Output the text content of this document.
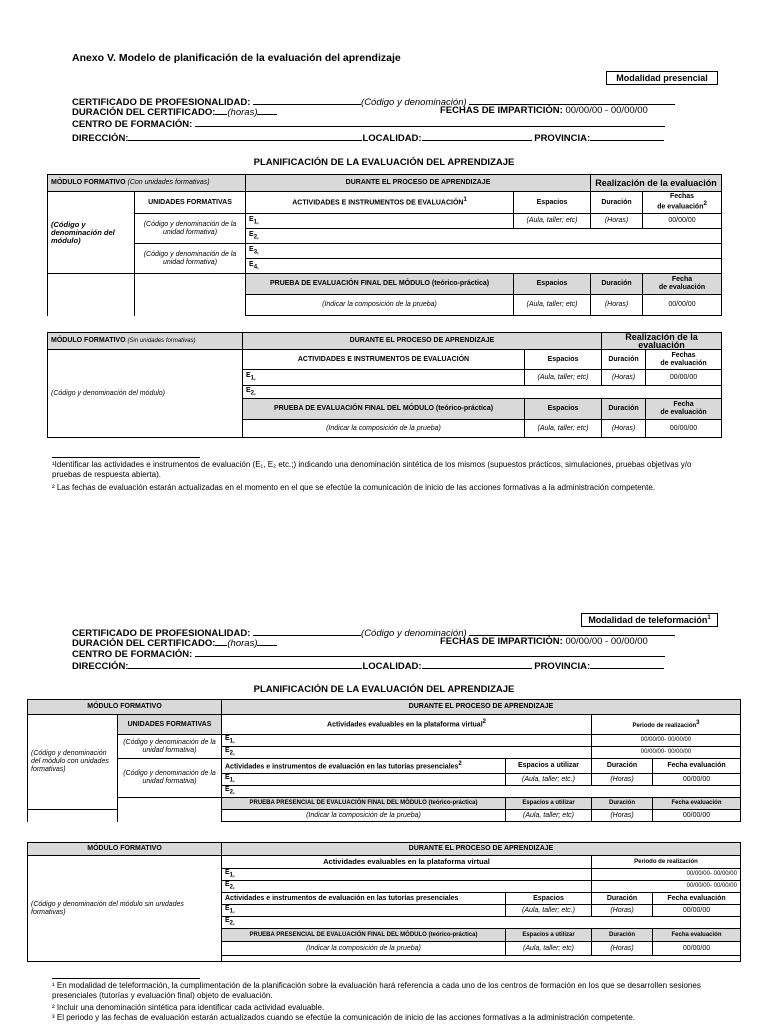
Anexo V. Modelo de planificación de la evaluación del aprendizaje
Modalidad presencial
CERTIFICADO DE PROFESIONALIDAD:	(Código y denominación)
DURACIÓN DEL CERTIFICADO: (horas)	FECHAS DE IMPARTICIÓN: 00/00/00 - 00/00/00
CENTRO DE FORMACIÓN:
DIRECCIÓN:	LOCALIDAD:	PROVINCIA:
PLANIFICACIÓN DE LA EVALUACIÓN DEL APRENDIZAJE
MÓDULO FORMATIVO (Con unidades formativas)		DURANTE EL PROCESO DE APRENDIZAJE		Realización de la evaluación	
(Código y denominación del módulo)	UNIDADES FORMATIVAS	ACTIVIDADES E INSTRUMENTOS DE EVALUACIÓN$^1$	Espacios	Duración	Fechas
de evaluación$^2$
	(Código y denominación de la unidad formativa)	$E_{1,}$	(Aula, taller; etc)	(Horas)	00/00/00
		$E_{2,}$
	(Código y denominación de la unidad formativa)	$E_{3,}$
		$E_{4,}$
		PRUEBA DE EVALUACIÓN FINAL DEL MÓDULO (teórico-práctica)	Espacios	Duración	Fecha
de evaluación
		(Indicar la composición de la prueba)	(Aula, taller; etc)	(Horas)	00/00/00
MÓDULO FORMATIVO (Sin unidades formativas)	DURANTE EL PROCESO DE APRENDIZAJE		Realización de la evaluación	
(Código y denominación del módulo)	ACTIVIDADES E INSTRUMENTOS DE EVALUACIÓN	Espacios	Duración	Fechas
de evaluación
	$E_{1,}$	(Aula, taller; etc)	(Horas)	00/00/00
	$E_{2,}$
	PRUEBA DE EVALUACIÓN FINAL DEL MÓDULO (teórico-práctica)	Espacios	Duración	Fecha
de evaluación
	(Indicar la composición de la prueba)	(Aula, taller; etc)	(Horas)	00/00/00
¹Identificar las actividades e instrumentos de evaluación (E₁, E₂ etc.;) indicando una denominación sintética de los mismos (supuestos prácticos, simulaciones, pruebas objetivas y/o pruebas de respuesta abierta).
² Las fechas de evaluación estarán actualizadas en el momento en el que se efectúe la comunicación de inicio de las acciones formativas a la administración competente.
Modalidad de teleformación$^1$
CERTIFICADO DE PROFESIONALIDAD:	(Código y denominación)
DURACIÓN DEL CERTIFICADO: (horas)	FECHAS DE IMPARTICIÓN: 00/00/00 - 00/00/00
CENTRO DE FORMACIÓN:
DIRECCIÓN:	LOCALIDAD:	PROVINCIA:
PLANIFICACIÓN DE LA EVALUACIÓN DEL APRENDIZAJE
MÓDULO FORMATIVO		DURANTE EL PROCESO DE APRENDIZAJE			
(Código y denominación del módulo con unidades formativas)	UNIDADES FORMATIVAS	Actividades evaluables en la plataforma virtual$^2$		Periodo de realización$^3$
	(Código y denominación de la unidad formativa)	$E_{1,}$		00/00/00- 00/00/00	
		$E_{2,}$		00/00/00- 00/00/00	
	(Código y denominación de la unidad formativa)	Actividades e instrumentos de evaluación en las tutorías presenciales$^2$	Espacios a utilizar	Duración	Fecha evaluación
		$E_{1,}$	(Aula, taller; etc.)	(Horas)	00/00/00
		$E_{2,}$
		PRUEBA PRESENCIAL DE EVALUACIÓN FINAL DEL MÓDULO (teórico-práctica)	Espacios a utilizar	Duración	Fecha evaluación
		(Indicar la composición de la prueba)	(Aula, taller; etc)	(Horas)	00/00/00
MÓDULO FORMATIVO	DURANTE EL PROCESO DE APRENDIZAJE			
(Código y denominación del módulo sin unidades formativas)	Actividades evaluables en la plataforma virtual		Periodo de realización	
	$E_{1,}$		00/00/00- 00/00/00	
	$E_{2,}$		00/00/00- 00/00/00	
	Actividades e instrumentos de evaluación en las tutorías presenciales	Espacios	Duración	Fecha evaluación
	$E_{1,}$	(Aula, taller; etc.)	(Horas)	00/00/00
	$E_{2,}$
	PRUEBA PRESENCIAL DE EVALUACIÓN FINAL DEL MÓDULO (teórico-práctica)	Espacios a utilizar	Duración	Fecha evaluación
	(Indicar la composición de la prueba)	(Aula, taller; etc)	(Horas)	00/00/00

¹ En modalidad de teleformación, la cumplimentación de la planificación sobre la evaluación hará referencia a cada uno de los centros de formación en los que se desarrollen sesiones presenciales (tutorías y evaluación final) objeto de evaluación.
² Incluir una denominación sintética para identificar cada actividad evaluable.
³ El periodo y las fechas de evaluación estarán actualizados cuando se efectúe la comunicación de inicio de las acciones formativas a la administración competente.
